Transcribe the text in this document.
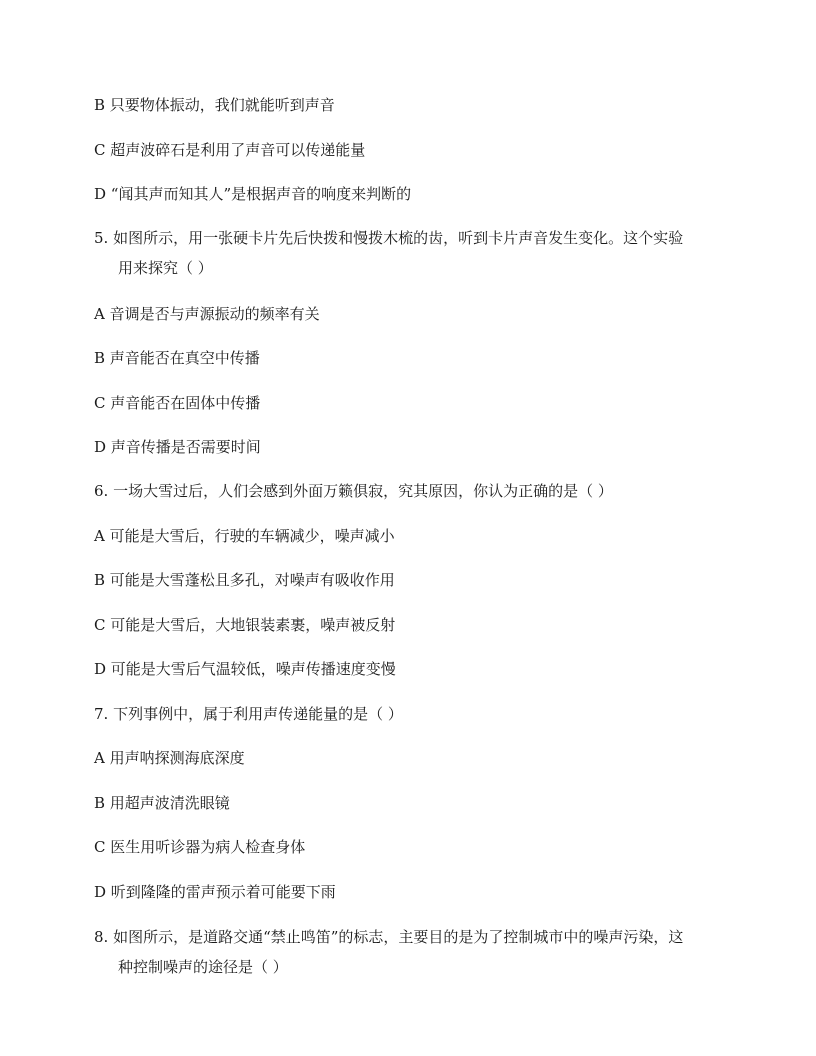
B 只要物体振动，我们就能听到声音
C 超声波碎石是利用了声音可以传递能量
D “闻其声而知其人”是根据声音的响度来判断的
5. 如图所示，用一张硬卡片先后快拨和慢拨木梳的齿，听到卡片声音发生变化。这个实验
用来探究（ ）
A 音调是否与声源振动的频率有关
B 声音能否在真空中传播
C 声音能否在固体中传播
D 声音传播是否需要时间
6. 一场大雪过后，人们会感到外面万籁俱寂，究其原因，你认为正确的是（ ）
A 可能是大雪后，行驶的车辆减少，噪声减小
B 可能是大雪蓬松且多孔，对噪声有吸收作用
C 可能是大雪后，大地银装素裹，噪声被反射
D 可能是大雪后气温较低，噪声传播速度变慢
7. 下列事例中，属于利用声传递能量的是（ ）
A 用声呐探测海底深度
B 用超声波清洗眼镜
C 医生用听诊器为病人检查身体
D 听到隆隆的雷声预示着可能要下雨
8. 如图所示，是道路交通“禁止鸣笛”的标志，主要目的是为了控制城市中的噪声污染，这
种控制噪声的途径是（ ）
